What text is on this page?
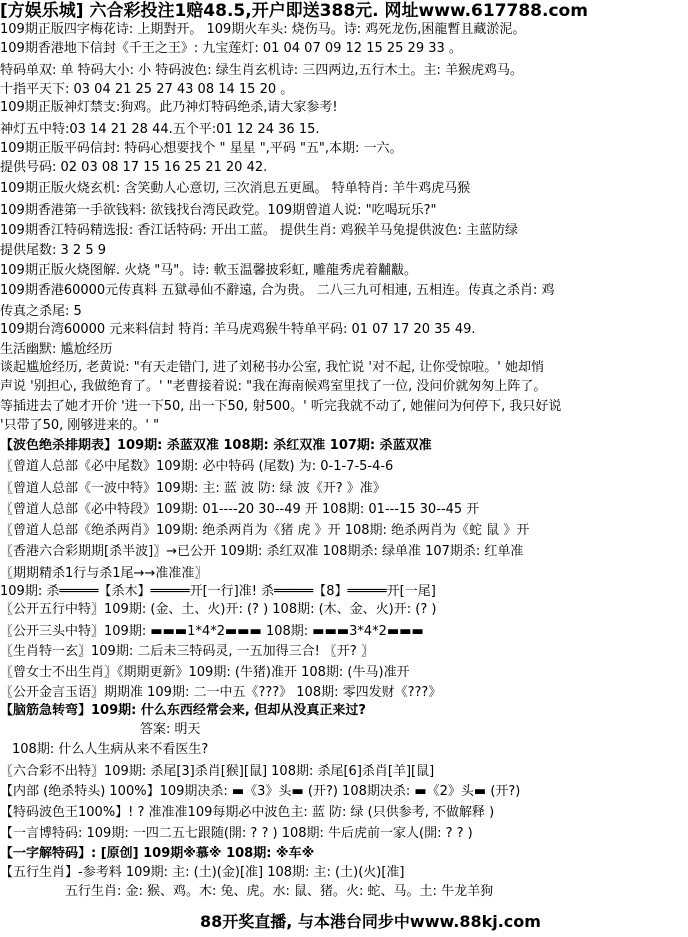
[方娱乐城] 六合彩投注1赔48.5,开户即送388元. 网址www.617788.com
109期正版四字梅花诗: 上期對开。 109期火车头: 烧伤马。诗: 鸡死龙伤,困龍暫且藏淤泥。
109期香港地下信封《千王之王》: 九宝莲灯: 01 04 07 09 12 15 25 29 33 。
特码单双: 单 特码大小: 小 特码波色: 绿生肖玄机诗: 三四两边,五行木土。主: 羊猴虎鸡马。
十指平天下: 03 04 21 25 27 43 08 14 15 20 。
109期正版神灯禁支:狗鸡。此乃神灯特码绝杀,请大家参考!
神灯五中特:03 14 21 28 44.五个平:01 12 24 36 15.
109期正版平码信封: 特码心想要找个 " 星星 ",平码 "五",本期: 一六。
提供号码: 02 03 08 17 15 16 25 21 20 42.
109期正版火烧玄机: 含笑動人心意切, 三次消息五更風。 特单特肖: 羊牛鸡虎马猴
109期香港第一手欲钱料: 欲钱找台湾民政党。109期曾道人说: "吃喝玩乐?"
109期香江特码精选报: 香江话特码: 开出工蓝。 提供生肖: 鸡猴羊马兔提供波色: 主蓝防绿
提供尾数: 3 2 5 9
109期正版火烧图解. 火烧 "马"。诗: 軟玉温馨披彩虹, 雕龍秀虎着黼黻。
109期香港60000元传真料 五獄尋仙不辭遠, 合为贵。 二八三九可相連, 五相连。传真之杀肖: 鸡
传真之杀尾: 5
109期台湾60000 元来料信封 特肖: 羊马虎鸡猴牛特单平码: 01 07 17 20 35 49.
生活幽默: 尴尬经历
谈起尴尬经历, 老黄说: "有天走错门, 进了刘秘书办公室, 我忙说 '对不起, 让你受惊啦。' 她却悄
声说 '别担心, 我做绝育了。' "老曹接着说: "我在海南候鸡室里找了一位, 没问价就匆匆上阵了。
等插进去了她才开价 '进一下50, 出一下50, 射500。' 听完我就不动了, 她催问为何停下, 我只好说
'只带了50, 刚够进来的。' "
【波色绝杀排期表】109期: 杀蓝双准 108期: 杀红双准 107期: 杀蓝双准
〖曾道人总部《必中尾数》109期: 必中特码 (尾数) 为: 0-1-7-5-4-6
〖曾道人总部《一波中特》109期: 主: 蓝 波 防: 绿 波《开? 》准》
〖曾道人总部《必中特段》109期: 01----20 30--49 开 108期: 01---15 30--45 开
〖曾道人总部《绝杀两肖》109期: 绝杀两肖为《猪 虎 》开 108期: 绝杀两肖为《蛇 鼠 》开
〖香港六合彩期期[杀半波]〗→已公开 109期: 杀红双准 108期杀: 绿单准 107期杀: 红单准
〖期期精杀1行与杀1尾→→准准准〗
109期: 杀═════【杀木】═════开[一行]准! 杀═════【8】═════开[一尾]
〖公开五行中特〗109期: (金、土、火)开: (? ) 108期: (木、金、火)开: (? )
〖公开三头中特〗109期: ▬▬▬1*4*2▬▬▬ 108期: ▬▬▬3*4*2▬▬▬
〖生肖特一玄〗109期: 二后未三特码灵, 一五加得三合! 〖开? 〗
〖曾女士不出生肖〗《期期更新》109期: (牛猪)准开 108期: (牛马)准开
〖公开金言玉语〗期期准 109期: 二一中五《???》 108期: 零四发财《???》
【脑筋急转弯】109期: 什么东西经常会来, 但却从没真正来过?
答案: 明天
108期: 什么人生病从来不看医生?
〖六合彩不出特〗109期: 杀尾[3]杀肖[猴][鼠] 108期: 杀尾[6]杀肖[羊][鼠]
【内部 (绝杀特头) 100%】109期决杀: ▬《3》头▬ (开?) 108期决杀: ▬《2》头▬ (开?)
【特码波色王100%】! ? 准准准109每期必中波色主: 蓝 防: 绿 (只供参考, 不做解释 )
【一言博特码: 109期: 一四二五七跟随(開: ? ? ) 108期: 牛后虎前一家人(開: ? ? )
【一字解特码】: [原创] 109期※慕※ 108期: ※车※
【五行生肖】-参考料 109期: 主: (土)(金)[准] 108期: 主: (土)(火)[准]
五行生肖: 金: 猴、鸡。木: 兔、虎。水: 鼠、猪。火: 蛇、马。土: 牛龙羊狗
88开奖直播, 与本港台同步中www.88kj.com
